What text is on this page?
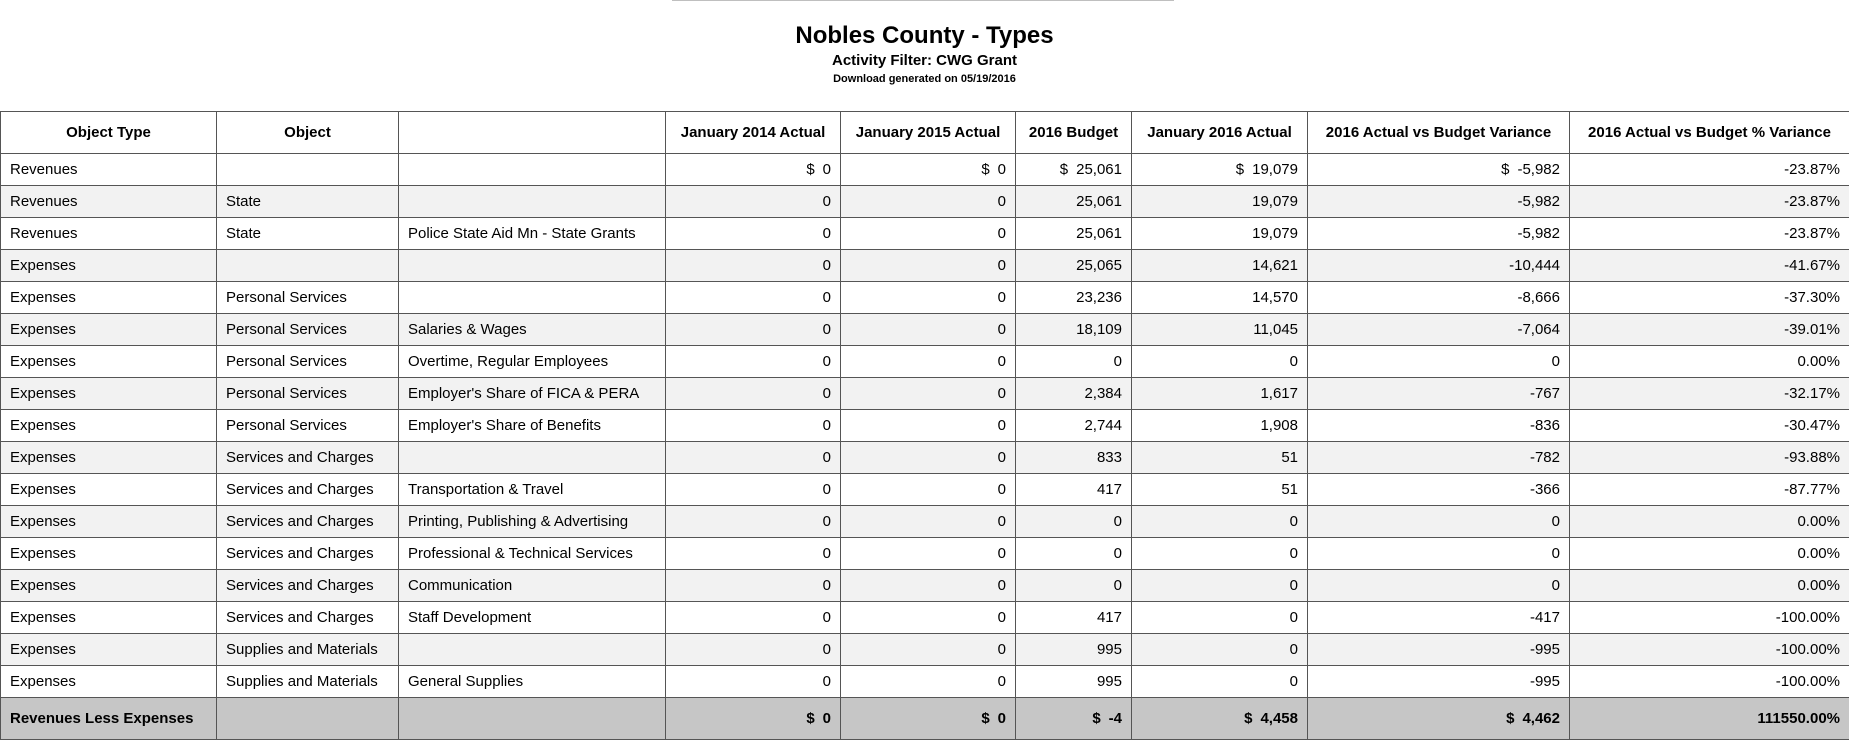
Nobles County - Types
Activity Filter: CWG Grant
Download generated on 05/19/2016
Object Type	Object		January 2014 Actual	January 2015 Actual	2016 Budget	January 2016 Actual	2016 Actual vs Budget Variance	2016 Actual vs Budget % Variance
Revenues			$ 0	$ 0	$ 25,061	$ 19,079	$ -5,982	-23.87%
Revenues	State		0	0	25,061	19,079	-5,982	-23.87%
Revenues	State	Police State Aid Mn - State Grants	0	0	25,061	19,079	-5,982	-23.87%
Expenses			0	0	25,065	14,621	-10,444	-41.67%
Expenses	Personal Services		0	0	23,236	14,570	-8,666	-37.30%
Expenses	Personal Services	Salaries & Wages	0	0	18,109	11,045	-7,064	-39.01%
Expenses	Personal Services	Overtime, Regular Employees	0	0	0	0	0	0.00%
Expenses	Personal Services	Employer's Share of FICA & PERA	0	0	2,384	1,617	-767	-32.17%
Expenses	Personal Services	Employer's Share of Benefits	0	0	2,744	1,908	-836	-30.47%
Expenses	Services and Charges		0	0	833	51	-782	-93.88%
Expenses	Services and Charges	Transportation & Travel	0	0	417	51	-366	-87.77%
Expenses	Services and Charges	Printing, Publishing & Advertising	0	0	0	0	0	0.00%
Expenses	Services and Charges	Professional & Technical Services	0	0	0	0	0	0.00%
Expenses	Services and Charges	Communication	0	0	0	0	0	0.00%
Expenses	Services and Charges	Staff Development	0	0	417	0	-417	-100.00%
Expenses	Supplies and Materials		0	0	995	0	-995	-100.00%
Expenses	Supplies and Materials	General Supplies	0	0	995	0	-995	-100.00%
Revenues Less Expenses			$ 0	$ 0	$ -4	$ 4,458	$ 4,462	111550.00%
